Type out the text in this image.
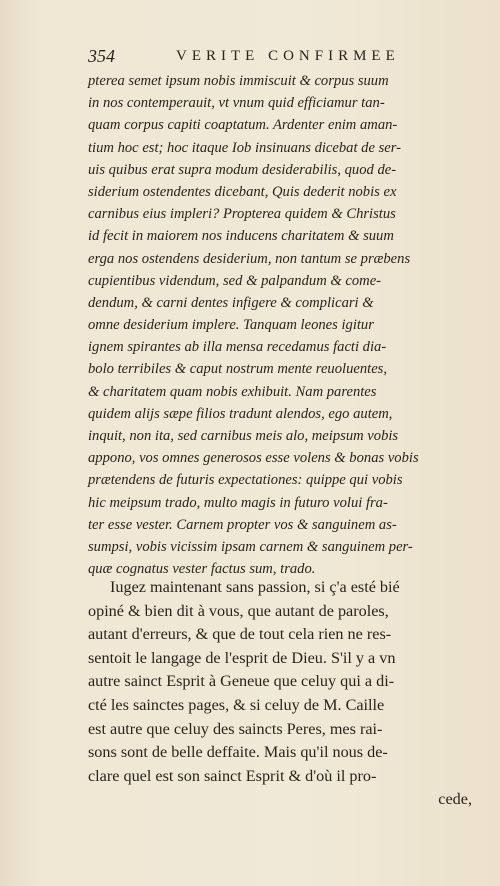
354	VERITE CONFIRMEE
pterea semet ipsum nobis immiscuit & corpus suum
in nos contemperauit, vt vnum quid efficiamur tan-
quam corpus capiti coaptatum. Ardenter enim aman-
tium hoc est; hoc itaque Iob insinuans dicebat de ser-
uis quibus erat supra modum desiderabilis, quod de-
siderium ostendentes dicebant, Quis dederit nobis ex
carnibus eius impleri? Propterea quidem & Christus
id fecit in maiorem nos inducens charitatem & suum
erga nos ostendens desiderium, non tantum se præbens
cupientibus videndum, sed & palpandum & come-
dendum, & carni dentes infigere & complicari &
omne desiderium implere. Tanquam leones igitur
ignem spirantes ab illa mensa recedamus facti dia-
bolo terribiles & caput nostrum mente reuoluentes,
& charitatem quam nobis exhibuit. Nam parentes
quidem alijs sæpe filios tradunt alendos, ego autem,
inquit, non ita, sed carnibus meis alo, meipsum vobis
appono, vos omnes generosos esse volens & bonas vobis
prætendens de futuris expectationes: quippe qui vobis
hic meipsum trado, multo magis in futuro volui fra-
ter esse vester. Carnem propter vos & sanguinem as-
sumpsi, vobis vicissim ipsam carnem & sanguinem per-
quæ cognatus vester factus sum, trado.
Iugez maintenant sans passion, si ç'a esté bié
opiné & bien dit à vous, que autant de paroles,
autant d'erreurs, & que de tout cela rien ne res-
sentoit le langage de l'esprit de Dieu. S'il y a vn
autre sainct Esprit à Geneue que celuy qui a di-
cté les sainctes pages, & si celuy de M. Caille
est autre que celuy des saincts Peres, mes rai-
sons sont de belle deffaite. Mais qu'il nous de-
clare quel est son sainct Esprit & d'où il pro-
cede,
